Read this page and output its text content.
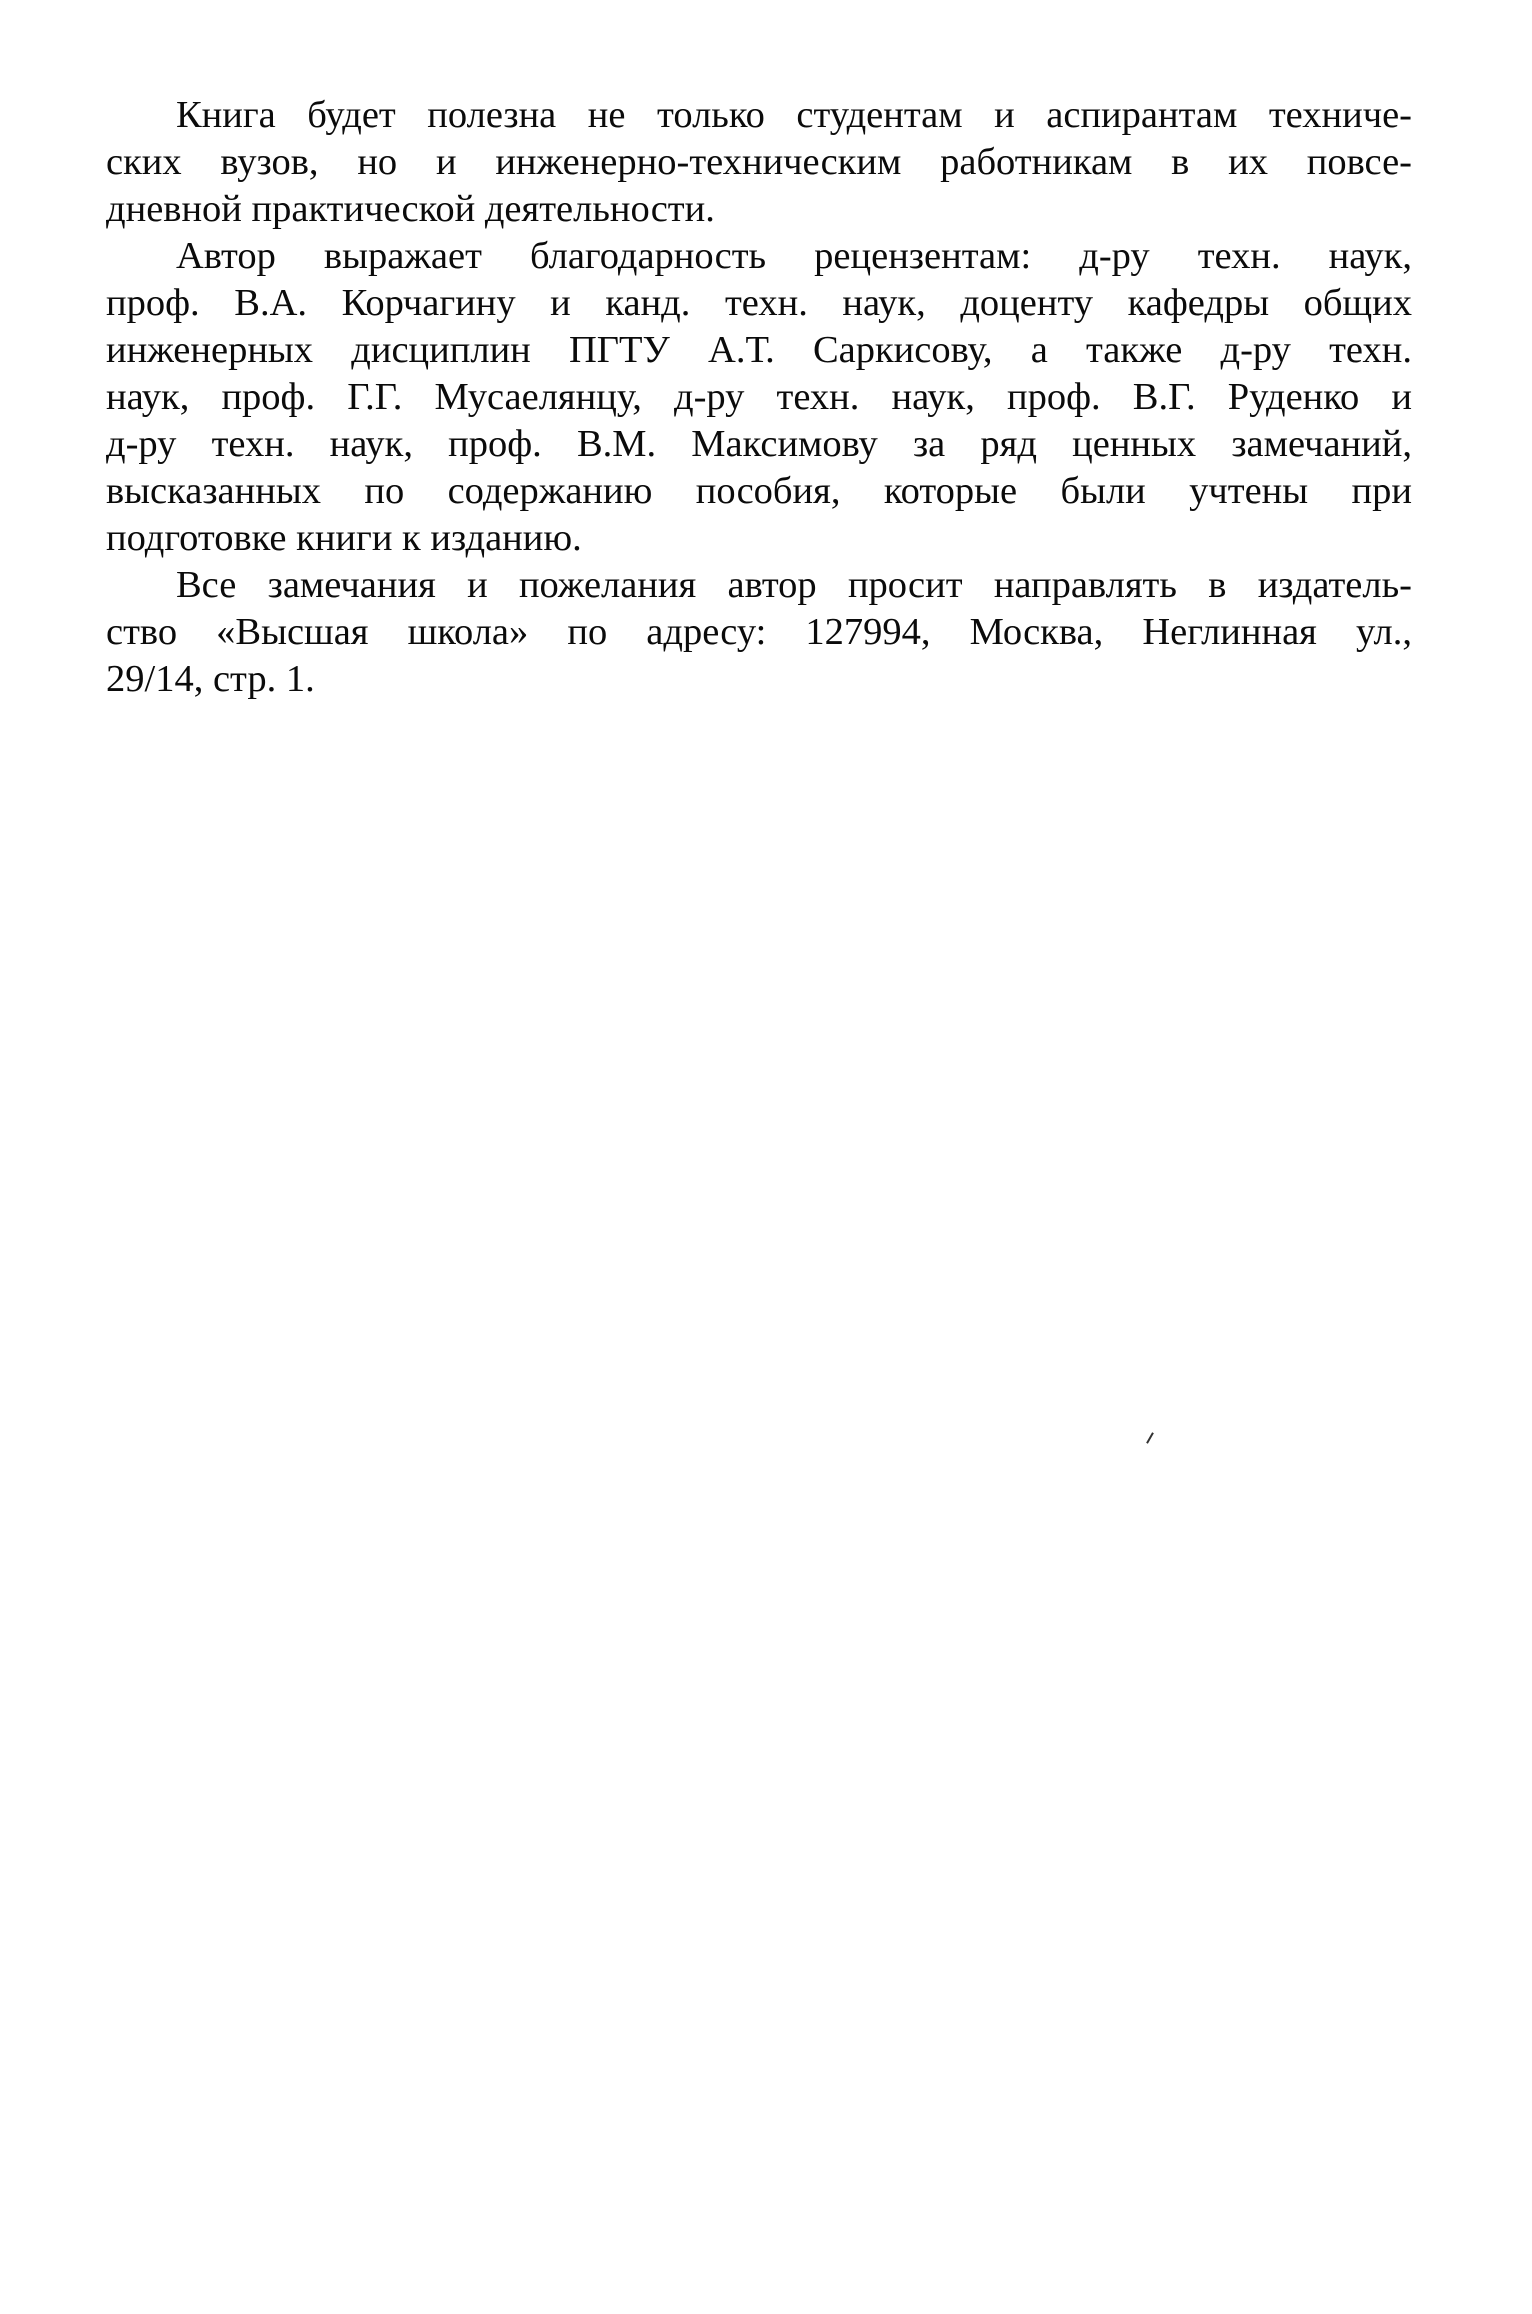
Книга будет полезна не только студентам и аспирантам техниче-
ских вузов, но и инженерно-техническим работникам в их повсе-
дневной практической деятельности.
Автор выражает благодарность рецензентам: д-ру техн. наук,
проф. В.А. Корчагину и канд. техн. наук, доценту кафедры общих
инженерных дисциплин ПГТУ А.Т. Саркисову, а также д-ру техн.
наук, проф. Г.Г. Мусаелянцу, д-ру техн. наук, проф. В.Г. Руденко и
д-ру техн. наук, проф. В.М. Максимову за ряд ценных замечаний,
высказанных по содержанию пособия, которые были учтены при
подготовке книги к изданию.
Все замечания и пожелания автор просит направлять в издатель-
ство «Высшая школа» по адресу: 127994, Москва, Неглинная ул.,
29/14, стр. 1.
